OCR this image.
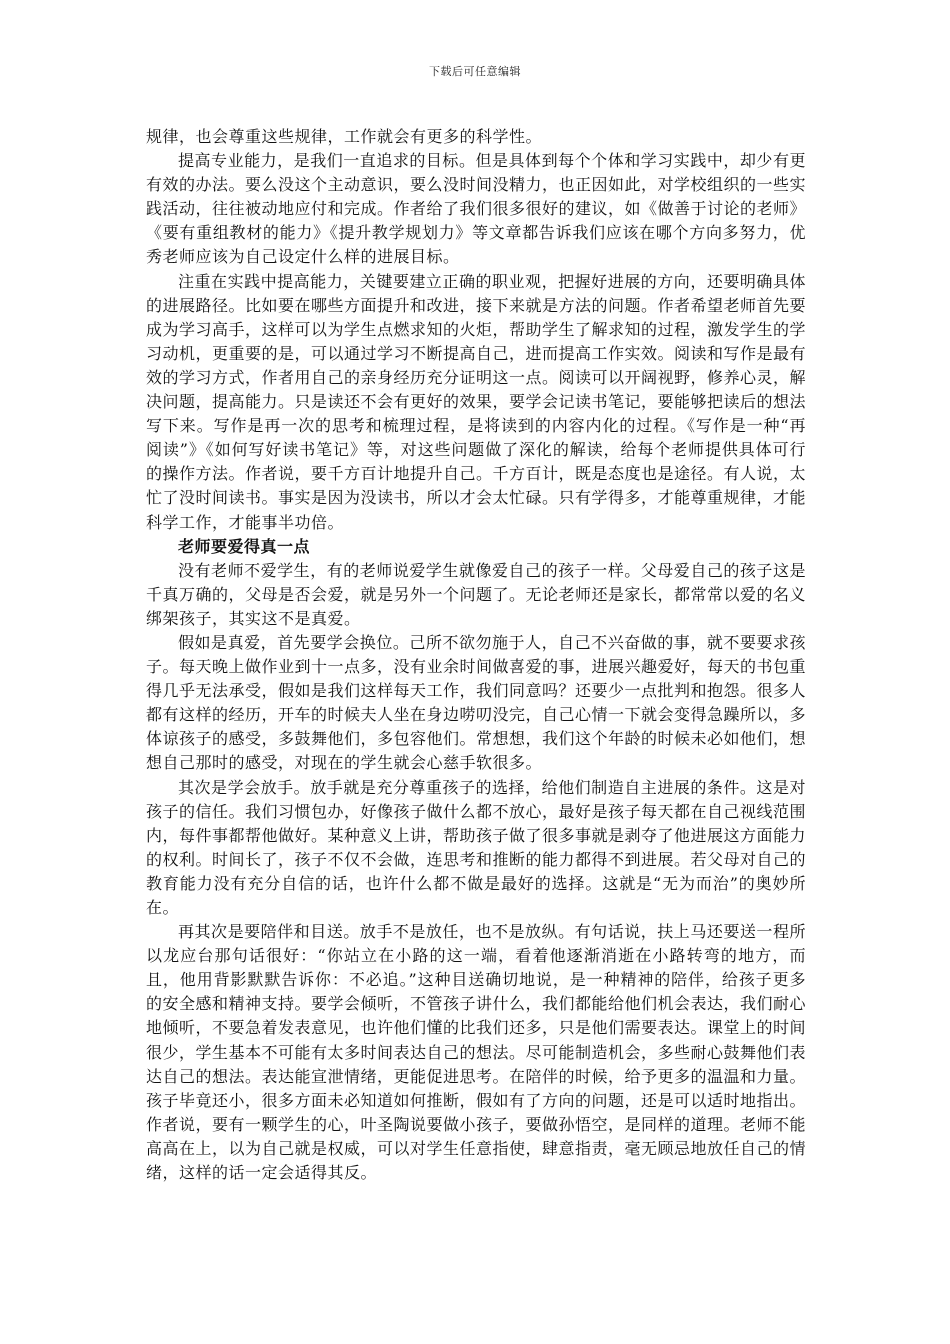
下载后可任意编辑

规律，也会尊重这些规律，工作就会有更多的科学性。

提高专业能力，是我们一直追求的目标。但是具体到每个个体和学习实践中，却少有更有效的办法。要么没这个主动意识，要么没时间没精力，也正因如此，对学校组织的一些实践活动，往往被动地应付和完成。作者给了我们很多很好的建议，如《做善于讨论的老师》《要有重组教材的能力》《提升教学规划力》等文章都告诉我们应该在哪个方向多努力，优秀老师应该为自己设定什么样的进展目标。

注重在实践中提高能力，关键要建立正确的职业观，把握好进展的方向，还要明确具体的进展路径。比如要在哪些方面提升和改进，接下来就是方法的问题。作者希望老师首先要成为学习高手，这样可以为学生点燃求知的火炬，帮助学生了解求知的过程，激发学生的学习动机，更重要的是，可以通过学习不断提高自己，进而提高工作实效。阅读和写作是最有效的学习方式，作者用自己的亲身经历充分证明这一点。阅读可以开阔视野，修养心灵，解决问题，提高能力。只是读还不会有更好的效果，要学会记读书笔记，要能够把读后的想法写下来。写作是再一次的思考和梳理过程，是将读到的内容内化的过程。《写作是一种“再阅读”》《如何写好读书笔记》等，对这些问题做了深化的解读，给每个老师提供具体可行的操作方法。作者说，要千方百计地提升自己。千方百计，既是态度也是途径。有人说，太忙了没时间读书。事实是因为没读书，所以才会太忙碌。只有学得多，才能尊重规律，才能科学工作，才能事半功倍。

老师要爱得真一点

没有老师不爱学生，有的老师说爱学生就像爱自己的孩子一样。父母爱自己的孩子这是千真万确的，父母是否会爱，就是另外一个问题了。无论老师还是家长，都常常以爱的名义绑架孩子，其实这不是真爱。

假如是真爱，首先要学会换位。己所不欲勿施于人，自己不兴奋做的事，就不要要求孩子。每天晚上做作业到十一点多，没有业余时间做喜爱的事，进展兴趣爱好，每天的书包重得几乎无法承受，假如是我们这样每天工作，我们同意吗？还要少一点批判和抱怨。很多人都有这样的经历，开车的时候夫人坐在身边唠叨没完，自己心情一下就会变得急躁所以，多体谅孩子的感受，多鼓舞他们，多包容他们。常想想，我们这个年龄的时候未必如他们，想想自己那时的感受，对现在的学生就会心慈手软很多。

其次是学会放手。放手就是充分尊重孩子的选择，给他们制造自主进展的条件。这是对孩子的信任。我们习惯包办，好像孩子做什么都不放心，最好是孩子每天都在自己视线范围内，每件事都帮他做好。某种意义上讲，帮助孩子做了很多事就是剥夺了他进展这方面能力的权利。时间长了，孩子不仅不会做，连思考和推断的能力都得不到进展。若父母对自己的教育能力没有充分自信的话，也许什么都不做是最好的选择。这就是“无为而治”的奥妙所在。

再其次是要陪伴和目送。放手不是放任，也不是放纵。有句话说，扶上马还要送一程所以龙应台那句话很好：“你站立在小路的这一端，看着他逐渐消逝在小路转弯的地方，而且，他用背影默默告诉你：不必追。”这种目送确切地说，是一种精神的陪伴，给孩子更多的安全感和精神支持。要学会倾听，不管孩子讲什么，我们都能给他们机会表达，我们耐心地倾听，不要急着发表意见，也许他们懂的比我们还多，只是他们需要表达。课堂上的时间很少，学生基本不可能有太多时间表达自己的想法。尽可能制造机会，多些耐心鼓舞他们表达自己的想法。表达能宣泄情绪，更能促进思考。在陪伴的时候，给予更多的温温和力量。孩子毕竟还小，很多方面未必知道如何推断，假如有了方向的问题，还是可以适时地指出。作者说，要有一颗学生的心，叶圣陶说要做小孩子，要做孙悟空，是同样的道理。老师不能高高在上，以为自己就是权威，可以对学生任意指使，肆意指责，毫无顾忌地放任自己的情绪，这样的话一定会适得其反。
